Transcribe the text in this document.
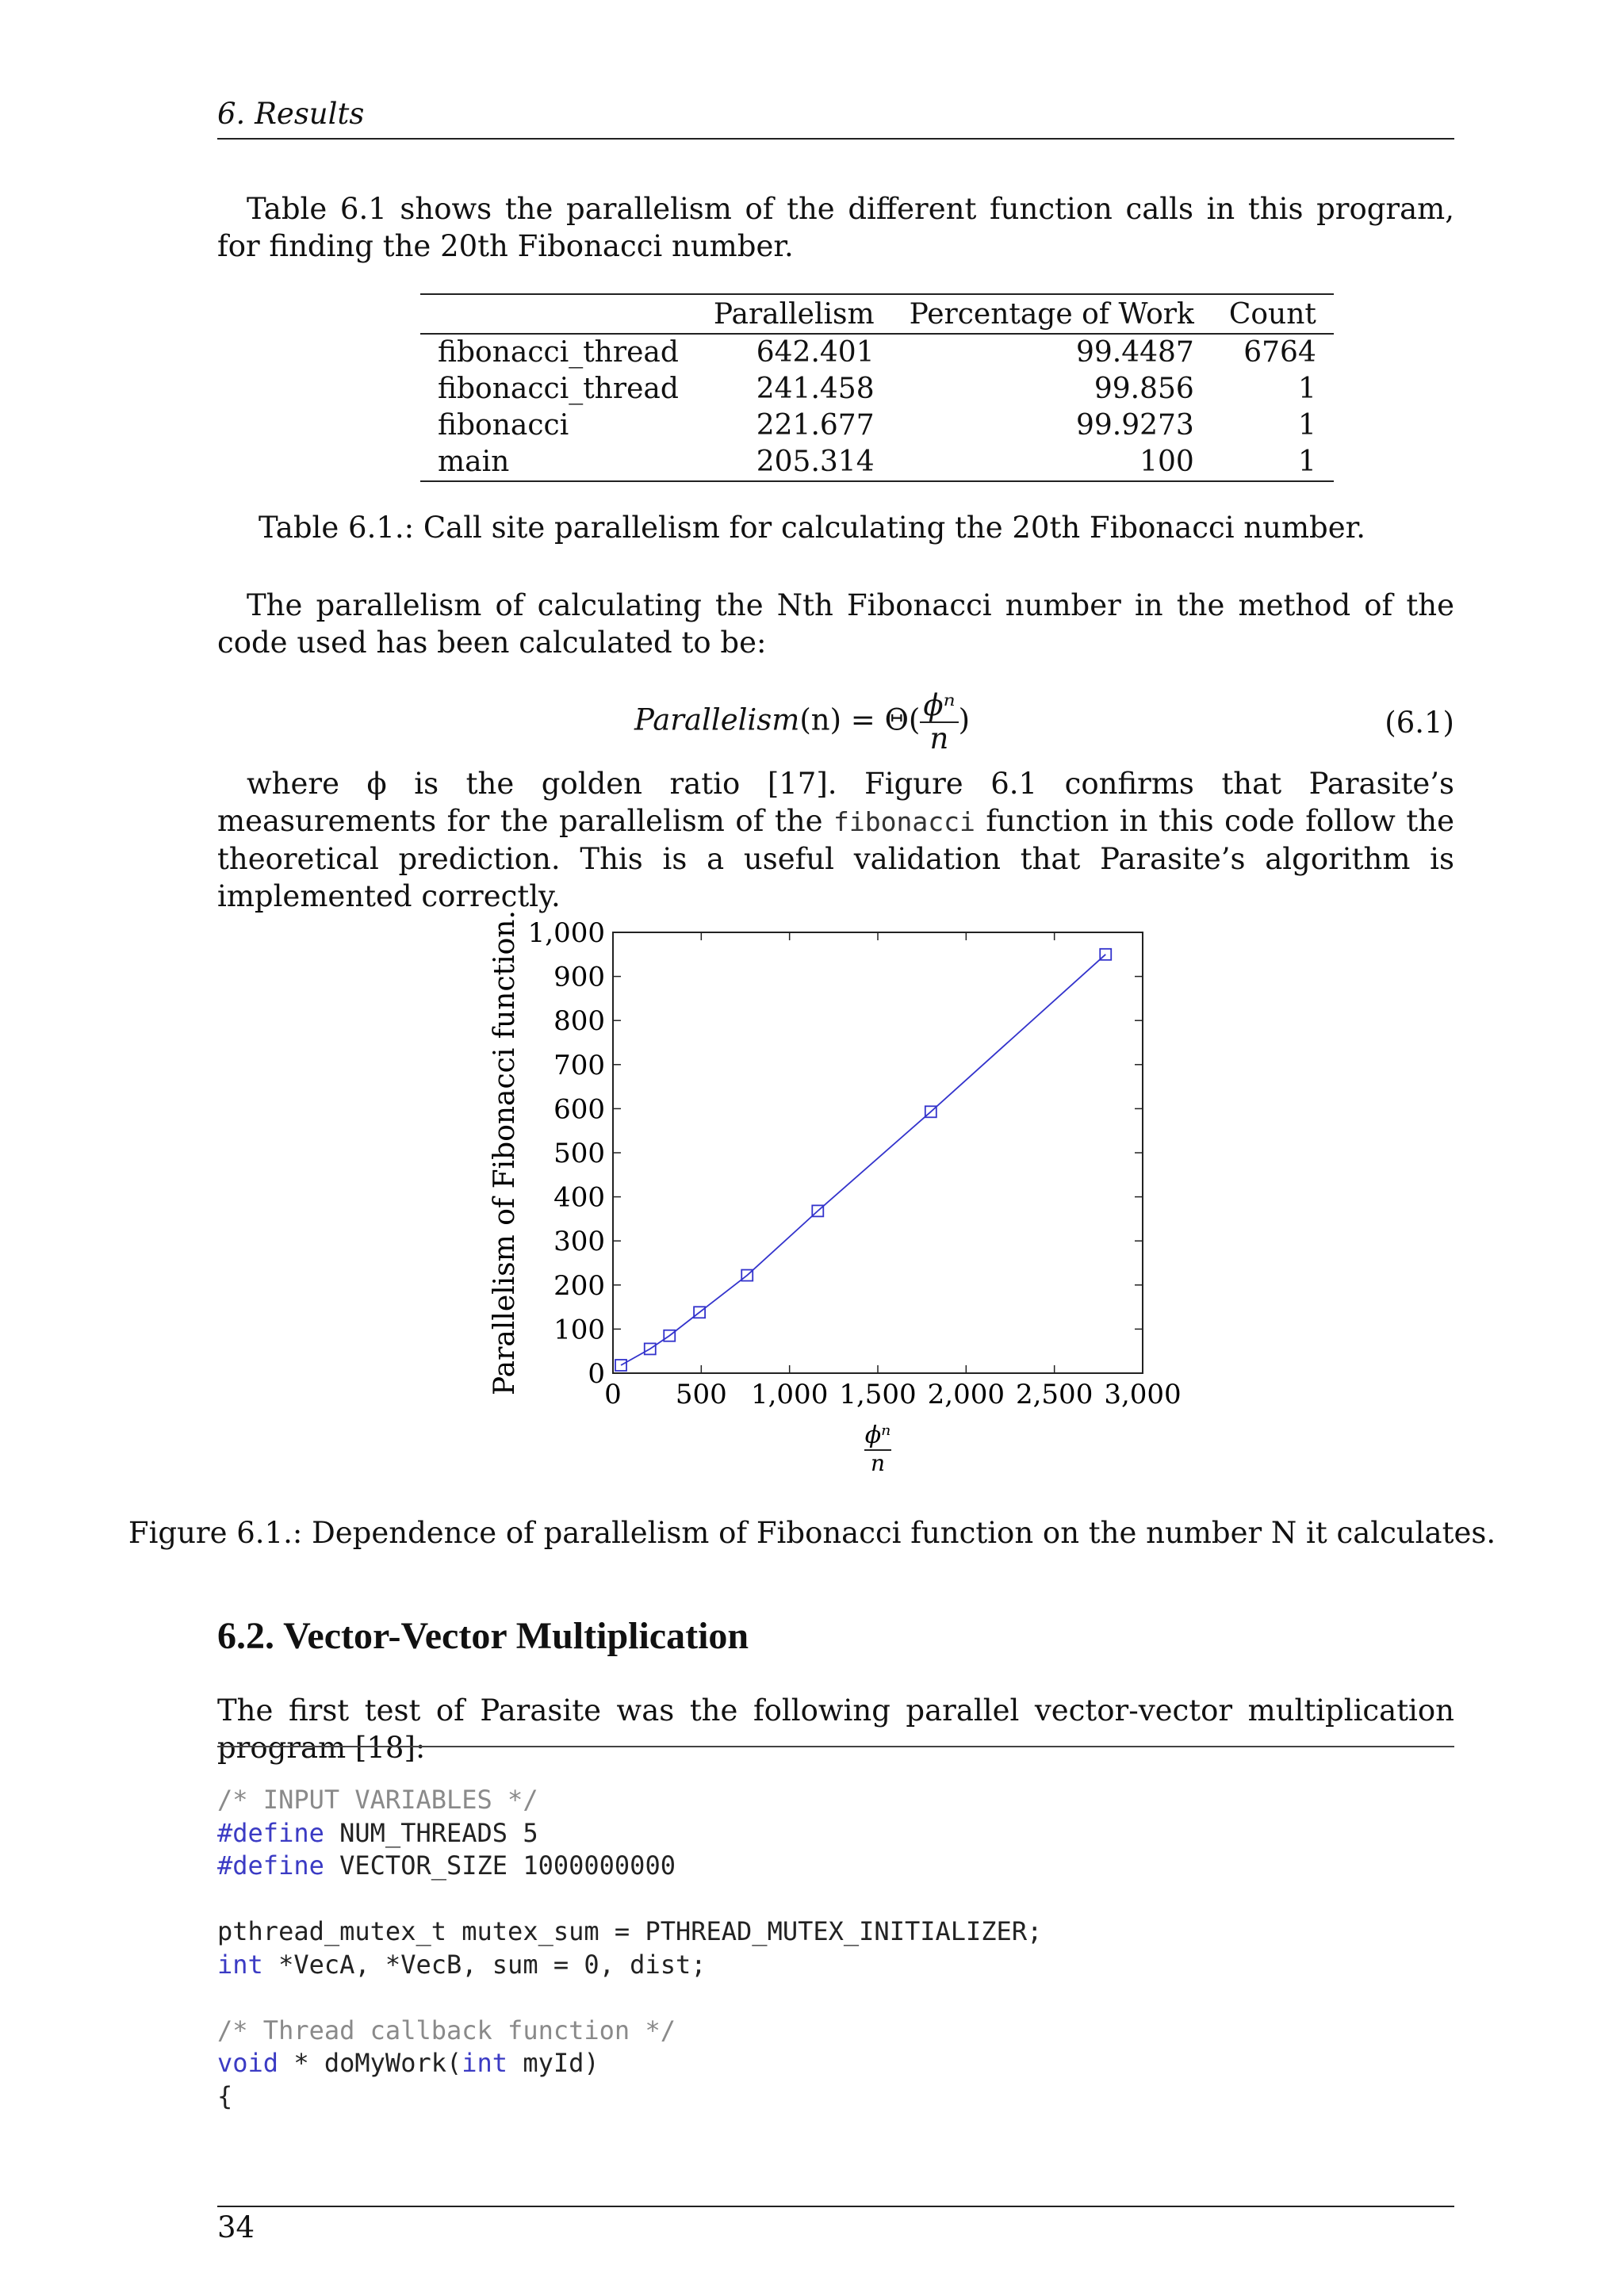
6. Results

Table 6.1 shows the parallelism of the different function calls in this program, for finding the 20th Fibonacci number.

	Parallelism	Percentage of Work	Count
fibonacci_thread	642.401	99.4487	6764
fibonacci_thread	241.458	99.856	1
fibonacci	221.677	99.9273	1
main	205.314	100	1
Table 6.1.: Call site parallelism for calculating the 20th Fibonacci number.

The parallelism of calculating the Nth Fibonacci number in the method of the code used has been calculated to be:

Parallelism(n) = $\Theta( \frac{\text{ϕⁿ}}{n}$ )	(6.1)

where ϕ is the golden ratio [17]. Figure 6.1 confirms that Parasite’s measurements for the parallelism of the fibonacci function in this code follow the theoretical prediction. This is a useful validation that Parasite’s algorithm is implemented correctly.

0
100
200
300
400
500
600
700
800
900
1,000
0 500 1,000 1,500 2,000 2,500 3,000
Parallelism of Fibonacci function.
ϕⁿ
n
Figure 6.1.: Dependence of parallelism of Fibonacci function on the number N it calculates.
6.2. Vector-Vector Multiplication

The first test of Parasite was the following parallel vector-vector multiplication program [18]:

/* INPUT VARIABLES */
#define NUM_THREADS 5
#define VECTOR_SIZE 1000000000

pthread_mutex_t mutex_sum = PTHREAD_MUTEX_INITIALIZER;
int *VecA, *VecB, sum = 0, dist;

/* Thread callback function */
void * doMyWork(int myId)
{
34
